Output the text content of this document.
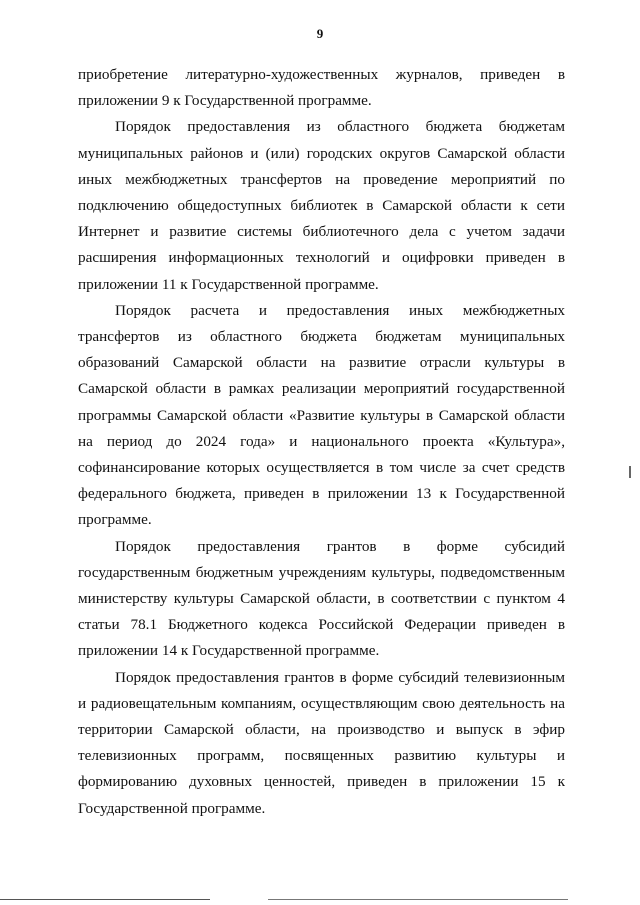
9

приобретение литературно-художественных журналов, приведен в приложении 9 к Государственной программе.

Порядок предоставления из областного бюджета бюджетам муниципальных районов и (или) городских округов Самарской области иных межбюджетных трансфертов на проведение мероприятий по подключению общедоступных библиотек в Самарской области к сети Интернет и развитие системы библиотечного дела с учетом задачи расширения информационных технологий и оцифровки приведен в приложении 11 к Государственной программе.

Порядок расчета и предоставления иных межбюджетных трансфертов из областного бюджета бюджетам муниципальных образований Самарской области на развитие отрасли культуры в Самарской области в рамках реализации мероприятий государственной программы Самарской области «Развитие культуры в Самарской области на период до 2024 года» и национального проекта «Культура», софинансирование которых осуществляется в том числе за счет средств федерального бюджета, приведен в приложении 13 к Государственной программе.

Порядок предоставления грантов в форме субсидий государственным бюджетным учреждениям культуры, подведомственным министерству культуры Самарской области, в соответствии с пунктом 4 статьи 78.1 Бюджетного кодекса Российской Федерации приведен в приложении 14 к Государственной программе.

Порядок предоставления грантов в форме субсидий телевизионным и радиовещательным компаниям, осуществляющим свою деятельность на территории Самарской области, на производство и выпуск в эфир телевизионных программ, посвященных развитию культуры и формированию духовных ценностей, приведен в приложении 15 к Государственной программе.
